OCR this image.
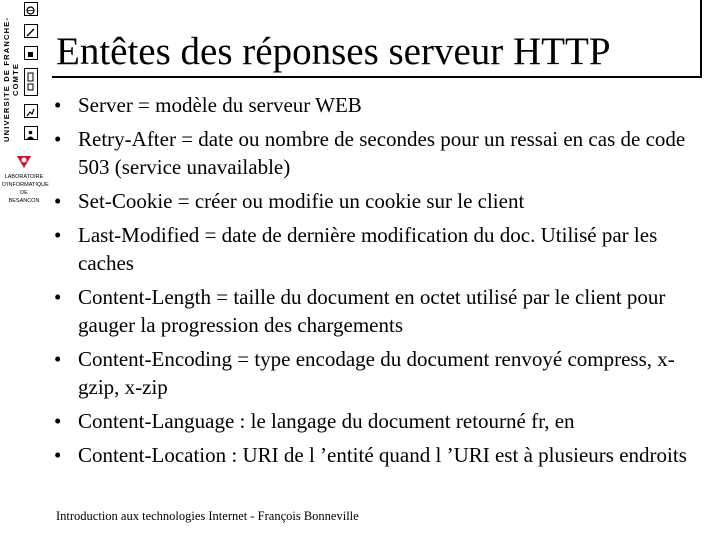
UNIVERSITE DE FRANCHE-COMTE
LABORATOIRE
D'INFORMATIQUE
DE
BESANCON
Entêtes des réponses serveur HTTP
• Server = modèle du serveur WEB
• Retry-After = date ou nombre de secondes pour un ressai en cas de code 503 (service unavailable)
• Set-Cookie = créer ou modifie un cookie sur le client
• Last-Modified = date de dernière modification du doc. Utilisé par les caches
• Content-Length = taille du document en octet utilisé par le client pour gauger la progression des chargements
• Content-Encoding = type encodage du document renvoyé compress, x-gzip, x-zip
• Content-Language : le langage du document retourné fr, en
• Content-Location : URI de l ’entité quand l ’URI est à plusieurs endroits
Introduction aux technologies Internet - François Bonneville
